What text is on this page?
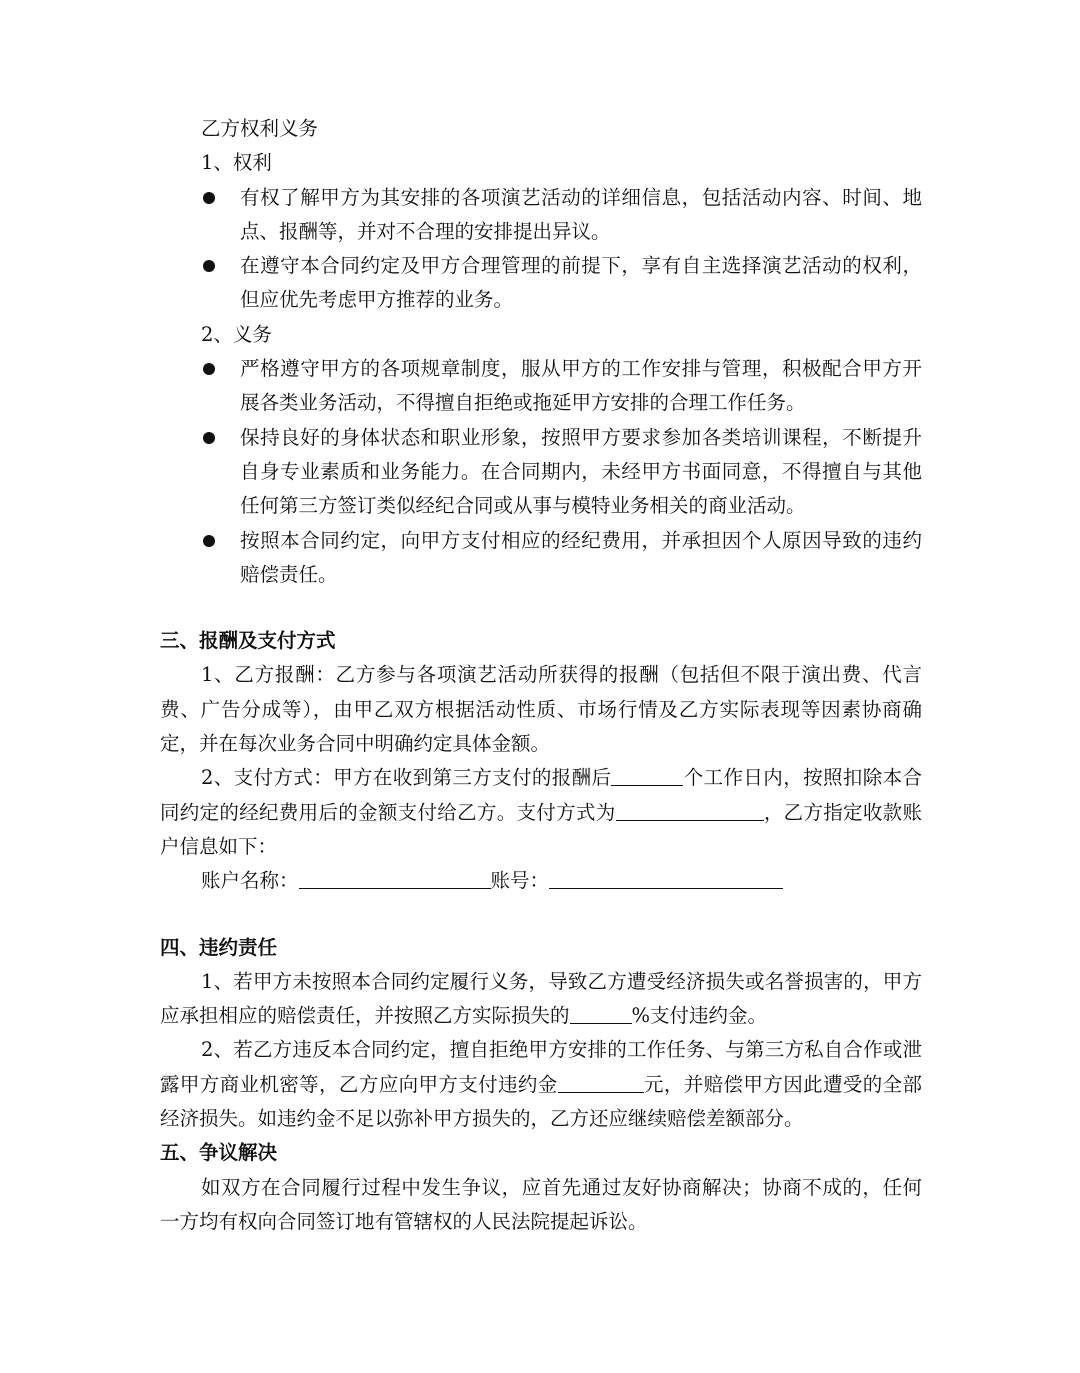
乙方权利义务
1、权利
有权了解甲方为其安排的各项演艺活动的详细信息，包括活动内容、时间、地点、报酬等，并对不合理的安排提出异议。
在遵守本合同约定及甲方合理管理的前提下，享有自主选择演艺活动的权利，但应优先考虑甲方推荐的业务。
2、义务
严格遵守甲方的各项规章制度，服从甲方的工作安排与管理，积极配合甲方开展各类业务活动，不得擅自拒绝或拖延甲方安排的合理工作任务。
保持良好的身体状态和职业形象，按照甲方要求参加各类培训课程，不断提升自身专业素质和业务能力。在合同期内，未经甲方书面同意，不得擅自与其他任何第三方签订类似经纪合同或从事与模特业务相关的商业活动。
按照本合同约定，向甲方支付相应的经纪费用，并承担因个人原因导致的违约赔偿责任。
三、报酬及支付方式
1、乙方报酬：乙方参与各项演艺活动所获得的报酬（包括但不限于演出费、代言费、广告分成等），由甲乙双方根据活动性质、市场行情及乙方实际表现等因素协商确定，并在每次业务合同中明确约定具体金额。
2、支付方式：甲方在收到第三方支付的报酬后	个工作日内，按照扣除本合同约定的经纪费用后的金额支付给乙方。支付方式为	，乙方指定收款账户信息如下：
账户名称：	账号：
四、违约责任
1、若甲方未按照本合同约定履行义务，导致乙方遭受经济损失或名誉损害的，甲方应承担相应的赔偿责任，并按照乙方实际损失的	%支付违约金。
2、若乙方违反本合同约定，擅自拒绝甲方安排的工作任务、与第三方私自合作或泄露甲方商业机密等，乙方应向甲方支付违约金	元，并赔偿甲方因此遭受的全部经济损失。如违约金不足以弥补甲方损失的，乙方还应继续赔偿差额部分。
五、争议解决
如双方在合同履行过程中发生争议，应首先通过友好协商解决；协商不成的，任何一方均有权向合同签订地有管辖权的人民法院提起诉讼。
